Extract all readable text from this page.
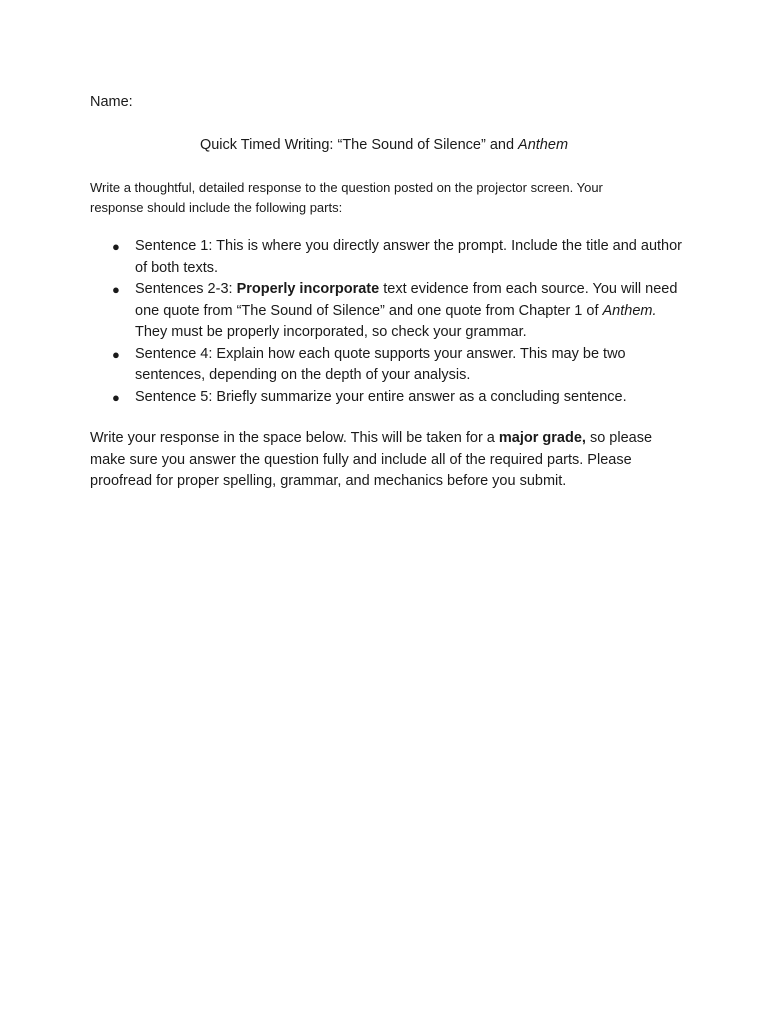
Name:
Quick Timed Writing: “The Sound of Silence” and Anthem
Write a thoughtful, detailed response to the question posted on the projector screen. Your response should include the following parts:
● Sentence 1: This is where you directly answer the prompt. Include the title and author of both texts.
● Sentences 2-3: Properly incorporate text evidence from each source. You will need one quote from “The Sound of Silence” and one quote from Chapter 1 of Anthem. They must be properly incorporated, so check your grammar.
● Sentence 4: Explain how each quote supports your answer. This may be two sentences, depending on the depth of your analysis.
● Sentence 5: Briefly summarize your entire answer as a concluding sentence.
Write your response in the space below. This will be taken for a major grade, so please make sure you answer the question fully and include all of the required parts. Please proofread for proper spelling, grammar, and mechanics before you submit.
